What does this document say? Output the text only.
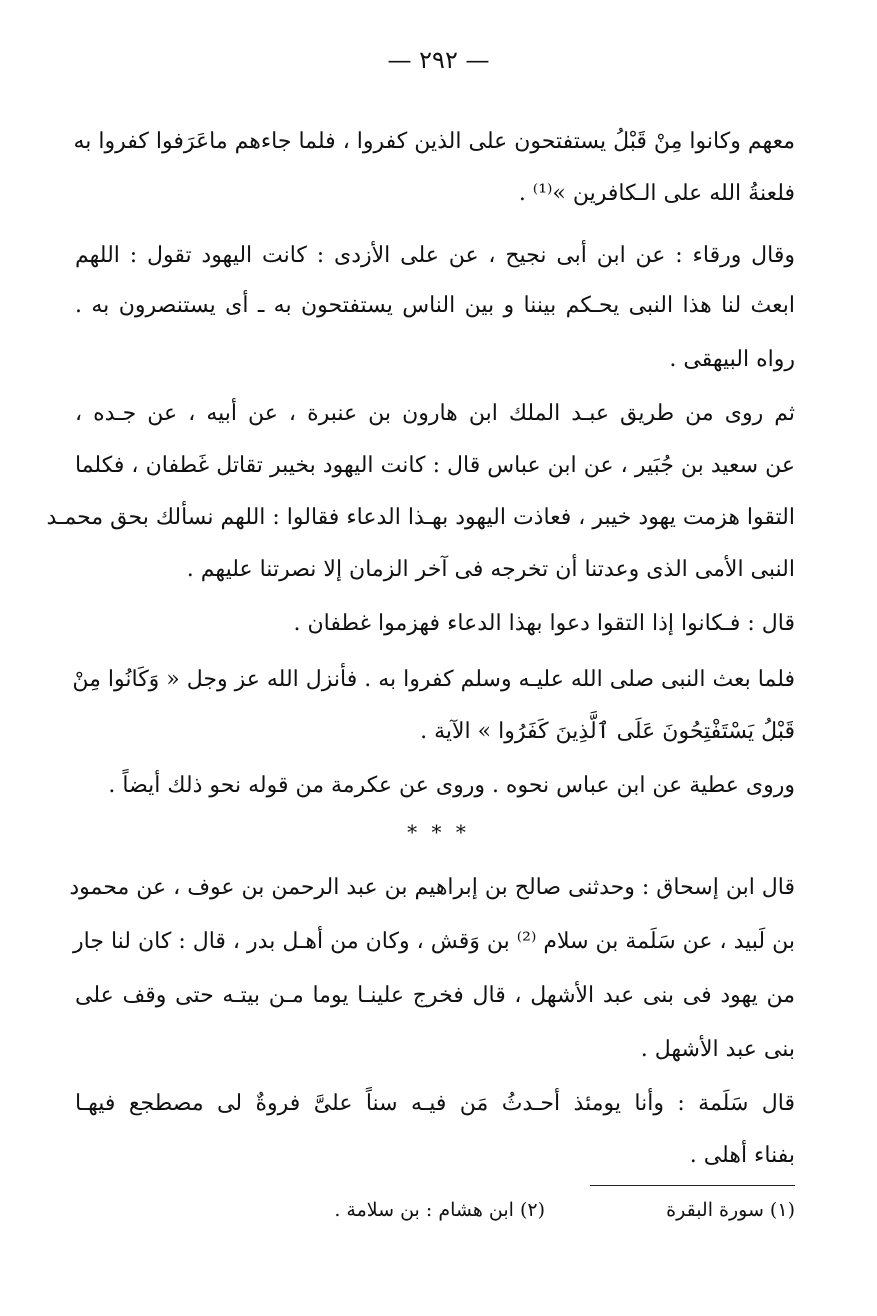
— ٢٩٢ —
معهم وكانوا مِنْ قَبْلُ يستفتحون على الذين كفروا ، فلما جاءهم ماعَرَفوا كفروا به
فلعنةُ الله على الـكافرين »⁽¹⁾ .
وقال ورقاء : عن ابن أبى نجيح ، عن على الأزدى : كانت اليهود تقول : اللهم
ابعث لنا هذا النبى يحـكم بيننا و بين الناس يستفتحون به ـ أى يستنصرون به .
رواه البيهقى .
ثم روى من طريق عبـد الملك ابن هارون بن عنبرة ، عن أبيه ، عن جـده ،
عن سعيد بن جُبَير ، عن ابن عباس قال : كانت اليهود بخيبر تقاتل غَطفان ، فكلما
التقوا هزمت يهود خيبر ، فعاذت اليهود بهـذا الدعاء فقالوا : اللهم نسألك بحق محمـد
النبى الأمى الذى وعدتنا أن تخرجه فى آخر الزمان إلا نصرتنا عليهم .
قال : فـكانوا إذا التقوا دعوا بهذا الدعاء فهزموا غطفان .
فلما بعث النبى صلى الله عليـه وسلم كفروا به . فأنزل الله عز وجل « وَكَانُوا مِنْ
قَبْلُ يَسْتَفْتِحُونَ عَلَى ٱلَّذِينَ كَفَرُوا » الآية .
وروى عطية عن ابن عباس نحوه . وروى عن عكرمة من قوله نحو ذلك أيضاً .
* * *
قال ابن إسحاق : وحدثنى صالح بن إبراهيم بن عبد الرحمن بن عوف ، عن محمود
بن لَبيد ، عن سَلَمة بن سلام ⁽²⁾ بن وَقش ، وكان من أهـل بدر ، قال : كان لنا جار
من يهود فى بنى عبد الأشهل ، قال فخرج علينـا يوما مـن بيتـه حتى وقف على
بنى عبد الأشهل .
قال سَلَمة : وأنا يومئذ أحـدثُ مَن فيـه سناً علىَّ فروةٌ لى مصطجع فيهـا
بفناء أهلى .
(١) سورة البقرة
(٢) ابن هشام : بن سلامة .
